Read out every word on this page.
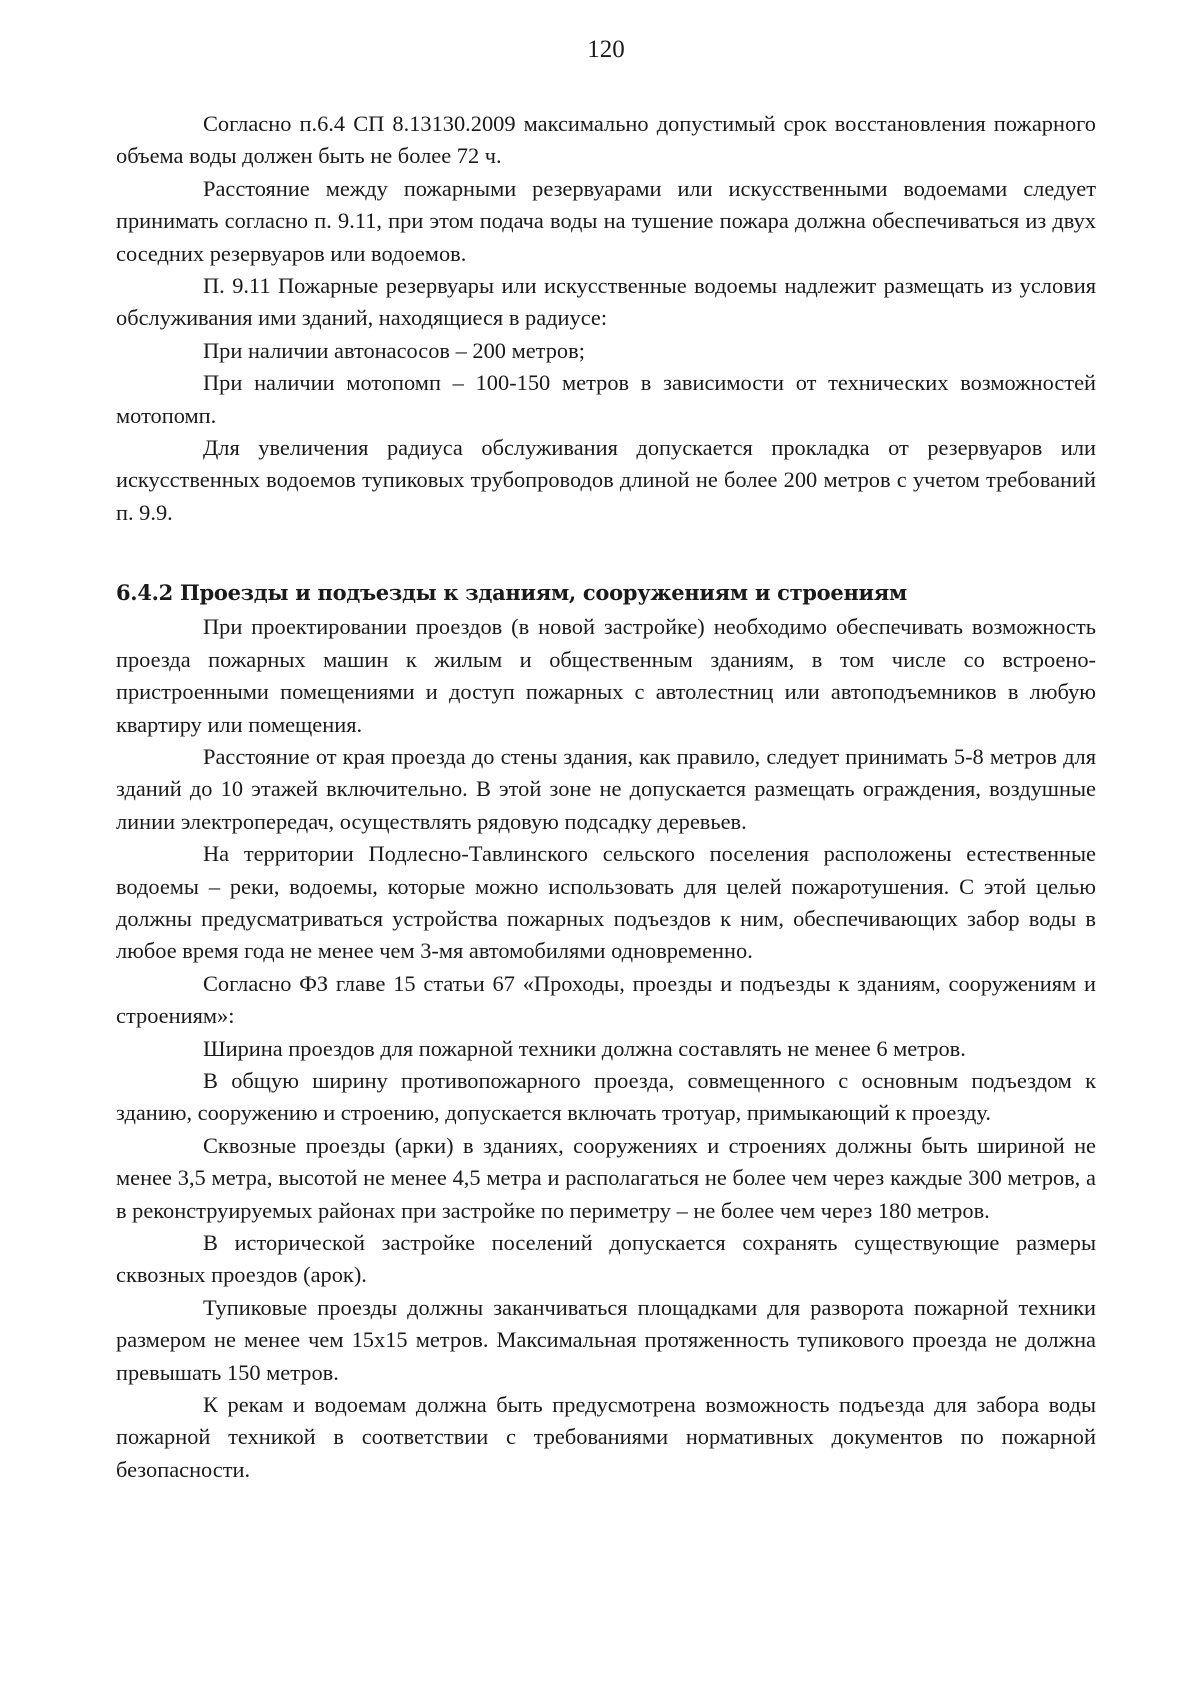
120

Согласно п.6.4 СП 8.13130.2009 максимально допустимый срок восстановления пожарного объема воды должен быть не более 72 ч.

Расстояние между пожарными резервуарами или искусственными водоемами следует принимать согласно п. 9.11, при этом подача воды на тушение пожара должна обеспечиваться из двух соседних резервуаров или водоемов.

П. 9.11 Пожарные резервуары или искусственные водоемы надлежит размещать из условия обслуживания ими зданий, находящиеся в радиусе:

При наличии автонасосов – 200 метров;

При наличии мотопомп – 100-150 метров в зависимости от технических возможностей мотопомп.

Для увеличения радиуса обслуживания допускается прокладка от резервуаров или искусственных водоемов тупиковых трубопроводов длиной не более 200 метров с учетом требований п. 9.9.

6.4.2 Проезды и подъезды к зданиям, сооружениям и строениям

При проектировании проездов (в новой застройке) необходимо обеспечивать возможность проезда пожарных машин к жилым и общественным зданиям, в том числе со встроено-пристроенными помещениями и доступ пожарных с автолестниц или автоподъемников в любую квартиру или помещения.

Расстояние от края проезда до стены здания, как правило, следует принимать 5-8 метров для зданий до 10 этажей включительно. В этой зоне не допускается размещать ограждения, воздушные линии электропередач, осуществлять рядовую подсадку деревьев.

На территории Подлесно-Тавлинского сельского поселения расположены естественные водоемы – реки, водоемы, которые можно использовать для целей пожаротушения. С этой целью должны предусматриваться устройства пожарных подъездов к ним, обеспечивающих забор воды в любое время года не менее чем 3-мя автомобилями одновременно.

Согласно ФЗ главе 15 статьи 67 «Проходы, проезды и подъезды к зданиям, сооружениям и строениям»:

Ширина проездов для пожарной техники должна составлять не менее 6 метров.

В общую ширину противопожарного проезда, совмещенного с основным подъездом к зданию, сооружению и строению, допускается включать тротуар, примыкающий к проезду.

Сквозные проезды (арки) в зданиях, сооружениях и строениях должны быть шириной не менее 3,5 метра, высотой не менее 4,5 метра и располагаться не более чем через каждые 300 метров, а в реконструируемых районах при застройке по периметру – не более чем через 180 метров.

В исторической застройке поселений допускается сохранять существующие размеры сквозных проездов (арок).

Тупиковые проезды должны заканчиваться площадками для разворота пожарной техники размером не менее чем 15х15 метров. Максимальная протяженность тупикового проезда не должна превышать 150 метров.

К рекам и водоемам должна быть предусмотрена возможность подъезда для забора воды пожарной техникой в соответствии с требованиями нормативных документов по пожарной безопасности.
